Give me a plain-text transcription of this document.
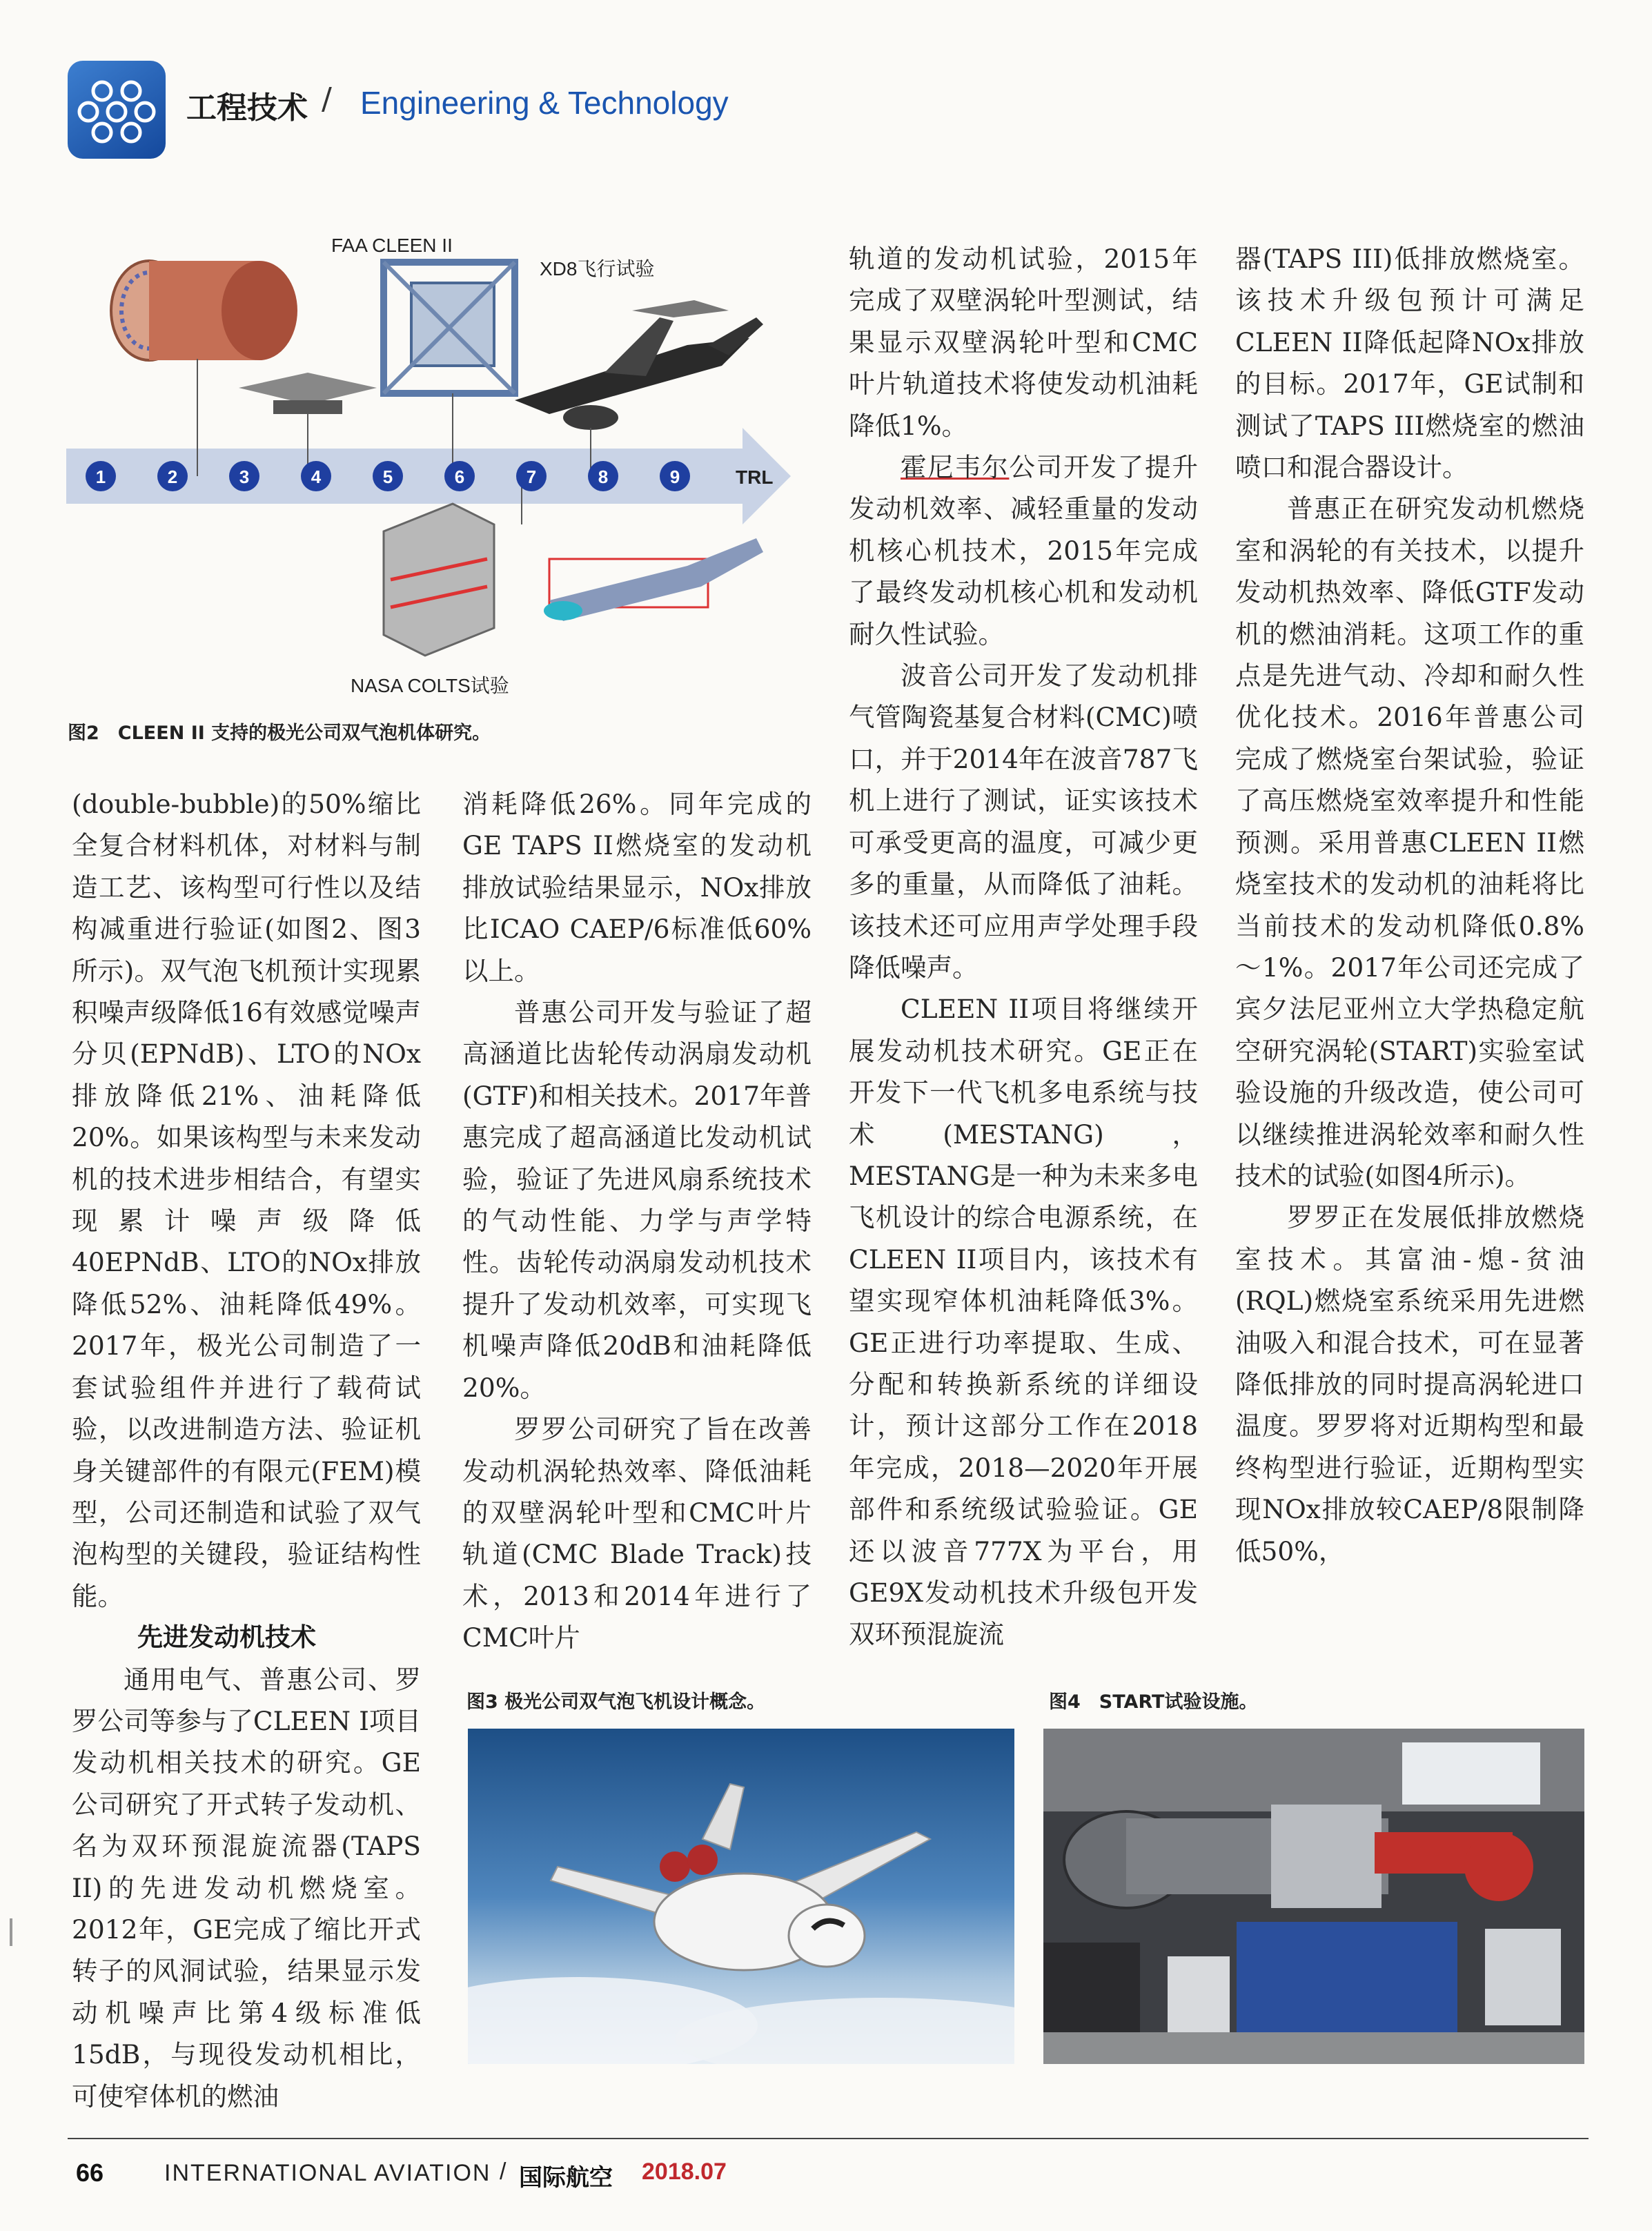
工程技术 / Engineering & Technology
1	2	3	4	5	6	7	8	9
FAA CLEEN II
XD8飞行试验
TRL
NASA COLTS试验
图2　CLEEN II 支持的极光公司双气泡机体研究。

(double-bubble)的50%缩比全复合材料机体，对材料与制造工艺、该构型可行性以及结构减重进行验证(如图2、图3所示)。双气泡飞机预计实现累积噪声级降低16有效感觉噪声分贝(EPNdB)、LTO的NOx排放降低21%、油耗降低20%。如果该构型与未来发动机的技术进步相结合，有望实现累计噪声级降低40EPNdB、LTO的NOx排放降低52%、油耗降低49%。2017年，极光公司制造了一套试验组件并进行了载荷试验，以改进制造方法、验证机身关键部件的有限元(FEM)模型，公司还制造和试验了双气泡构型的关键段，验证结构性能。

先进发动机技术

通用电气、普惠公司、罗罗公司等参与了CLEEN I项目发动机相关技术的研究。GE公司研究了开式转子发动机、名为双环预混旋流器(TAPS II)的先进发动机燃烧室。2012年，GE完成了缩比开式转子的风洞试验，结果显示发动机噪声比第4级标准低15dB，与现役发动机相比，可使窄体机的燃油

消耗降低26%。同年完成的GE TAPS II燃烧室的发动机排放试验结果显示，NOx排放比ICAO CAEP/6标准低60%以上。

普惠公司开发与验证了超高涵道比齿轮传动涡扇发动机(GTF)和相关技术。2017年普惠完成了超高涵道比发动机试验，验证了先进风扇系统技术的气动性能、力学与声学特性。齿轮传动涡扇发动机技术提升了发动机效率，可实现飞机噪声降低20dB和油耗降低20%。

罗罗公司研究了旨在改善发动机涡轮热效率、降低油耗的双壁涡轮叶型和CMC叶片轨道(CMC Blade Track)技术，2013和2014年进行了CMC叶片

轨道的发动机试验，2015年完成了双壁涡轮叶型测试，结果显示双壁涡轮叶型和CMC叶片轨道技术将使发动机油耗降低1%。

霍尼韦尔公司开发了提升发动机效率、减轻重量的发动机核心机技术，2015年完成了最终发动机核心机和发动机耐久性试验。

波音公司开发了发动机排气管陶瓷基复合材料(CMC)喷口，并于2014年在波音787飞机上进行了测试，证实该技术可承受更高的温度，可减少更多的重量，从而降低了油耗。该技术还可应用声学处理手段降低噪声。

CLEEN II项目将继续开展发动机技术研究。GE正在开发下一代飞机多电系统与技术(MESTANG)，MESTANG是一种为未来多电飞机设计的综合电源系统，在CLEEN II项目内，该技术有望实现窄体机油耗降低3%。GE正进行功率提取、生成、分配和转换新系统的详细设计，预计这部分工作在2018年完成，2018—2020年开展部件和系统级试验验证。GE还以波音777X为平台，用GE9X发动机技术升级包开发双环预混旋流

器(TAPS III)低排放燃烧室。该技术升级包预计可满足CLEEN II降低起降NOx排放的目标。2017年，GE试制和测试了TAPS III燃烧室的燃油喷口和混合器设计。

普惠正在研究发动机燃烧室和涡轮的有关技术，以提升发动机热效率、降低GTF发动机的燃油消耗。这项工作的重点是先进气动、冷却和耐久性优化技术。2016年普惠公司完成了燃烧室台架试验，验证了高压燃烧室效率提升和性能预测。采用普惠CLEEN II燃烧室技术的发动机的油耗将比当前技术的发动机降低0.8%～1%。2017年公司还完成了宾夕法尼亚州立大学热稳定航空研究涡轮(START)实验室试验设施的升级改造，使公司可以继续推进涡轮效率和耐久性技术的试验(如图4所示)。

罗罗正在发展低排放燃烧室技术。其富油-熄-贫油(RQL)燃烧室系统采用先进燃油吸入和混合技术，可在显著降低排放的同时提高涡轮进口温度。罗罗将对近期构型和最终构型进行验证，近期构型实现NOx排放较CAEP/8限制降低50%，

图3 极光公司双气泡飞机设计概念。	图4　START试验设施。
66	INTERNATIONAL AVIATION / 国际航空 2018.07
